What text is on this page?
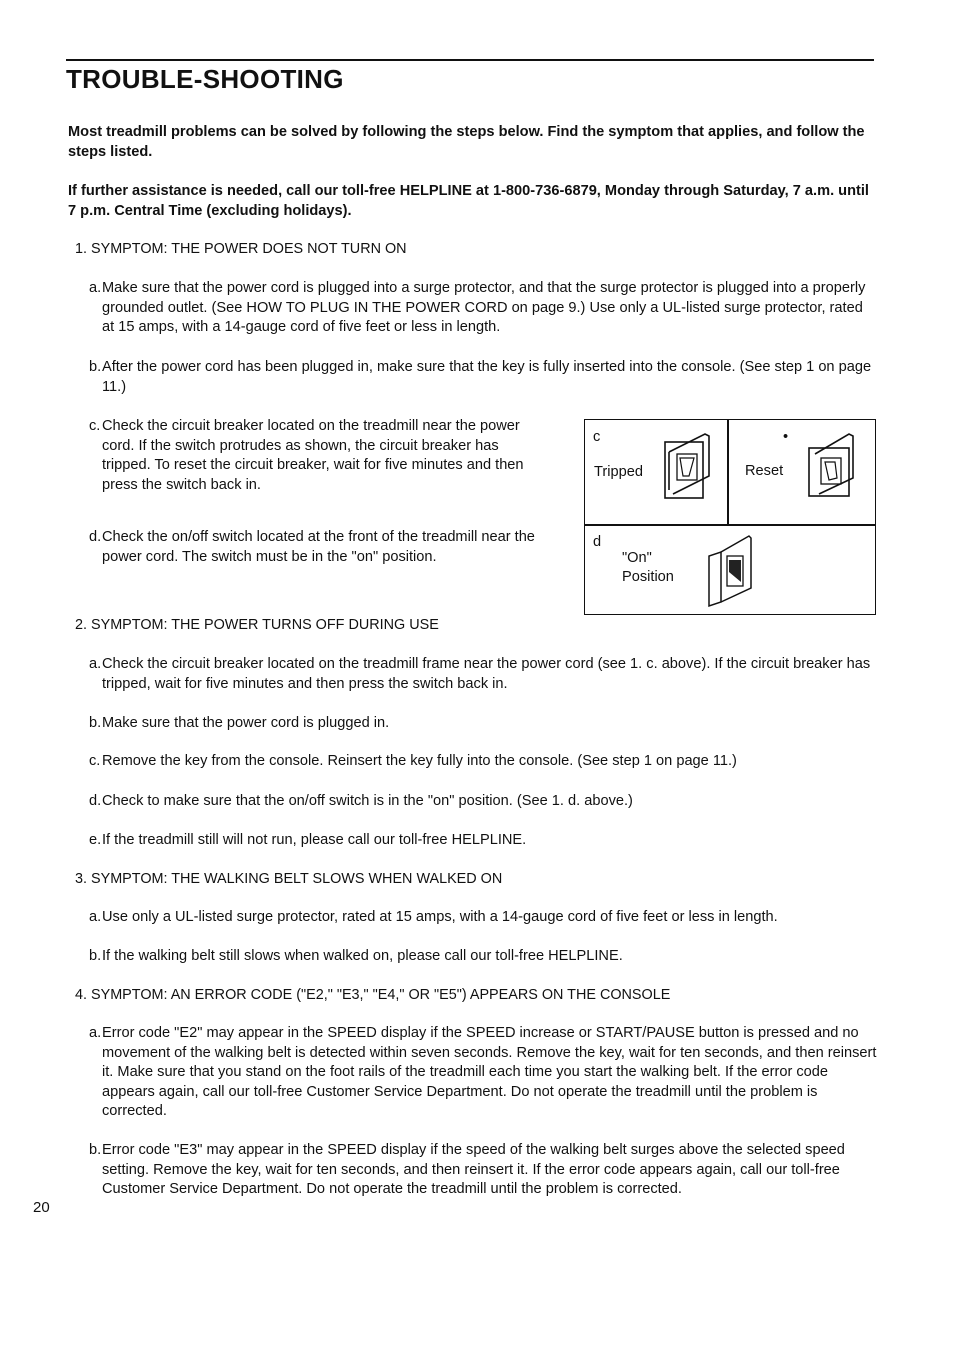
TROUBLE-SHOOTING

Most treadmill problems can be solved by following the steps below. Find the symptom that applies, and follow the steps listed.

If further assistance is needed, call our toll-free HELPLINE at 1-800-736-6879, Monday through Saturday, 7 a.m. until 7 p.m. Central Time (excluding holidays).

1. SYMPTOM: THE POWER DOES NOT TURN ON

a. Make sure that the power cord is plugged into a surge protector, and that the surge protector is plugged into a properly grounded outlet. (See HOW TO PLUG IN THE POWER CORD on page 9.) Use only a UL-listed surge protector, rated at 15 amps, with a 14-gauge cord of five feet or less in length.
b. After the power cord has been plugged in, make sure that the key is fully inserted into the console. (See step 1 on page 11.)
c. Check the circuit breaker located on the treadmill near the power cord. If the switch protrudes as shown, the circuit breaker has tripped. To reset the circuit breaker, wait for five minutes and then press the switch back in.
d. Check the on/off switch located at the front of the treadmill near the power cord. The switch must be in the "on" position.
c
Tripped
•
Reset
d
"On"
Position

2. SYMPTOM: THE POWER TURNS OFF DURING USE

a. Check the circuit breaker located on the treadmill frame near the power cord (see 1. c. above). If the circuit breaker has tripped, wait for five minutes and then press the switch back in.
b. Make sure that the power cord is plugged in.
c. Remove the key from the console. Reinsert the key fully into the console. (See step 1 on page 11.)
d. Check to make sure that the on/off switch is in the "on" position. (See 1. d. above.)
e. If the treadmill still will not run, please call our toll-free HELPLINE.

3. SYMPTOM: THE WALKING BELT SLOWS WHEN WALKED ON

a. Use only a UL-listed surge protector, rated at 15 amps, with a 14-gauge cord of five feet or less in length.
b. If the walking belt still slows when walked on, please call our toll-free HELPLINE.

4. SYMPTOM: AN ERROR CODE ("E2," "E3," "E4," OR "E5") APPEARS ON THE CONSOLE

a. Error code "E2" may appear in the SPEED display if the SPEED increase or START/PAUSE button is pressed and no movement of the walking belt is detected within seven seconds. Remove the key, wait for ten seconds, and then reinsert it. Make sure that you stand on the foot rails of the treadmill each time you start the walking belt. If the error code appears again, call our toll-free Customer Service Department. Do not operate the treadmill until the problem is corrected.
b. Error code "E3" may appear in the SPEED display if the speed of the walking belt surges above the selected speed setting. Remove the key, wait for ten seconds, and then reinsert it. If the error code appears again, call our toll-free Customer Service Department. Do not operate the treadmill until the problem is corrected.
20
